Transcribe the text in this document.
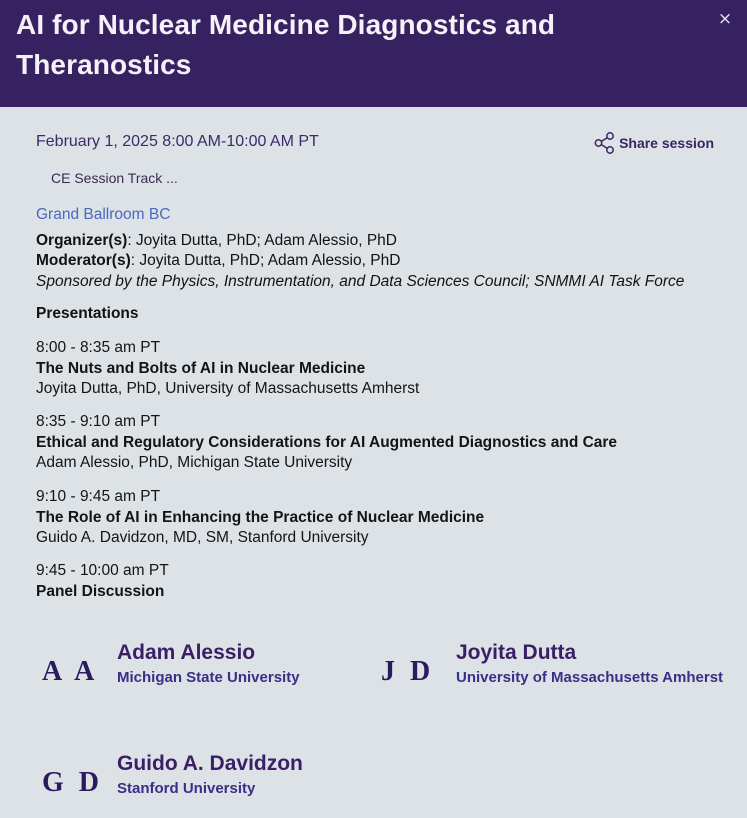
AI for Nuclear Medicine Diagnostics and Theranostics
×
February 1, 2025 8:00 AM-10:00 AM PT	Share session
CE Session Track ...
Grand Ballroom BC
Organizer(s): Joyita Dutta, PhD; Adam Alessio, PhD
Moderator(s): Joyita Dutta, PhD; Adam Alessio, PhD
Sponsored by the Physics, Instrumentation, and Data Sciences Council; SNMMI AI Task Force
Presentations
8:00 - 8:35 am PT
The Nuts and Bolts of AI in Nuclear Medicine
Joyita Dutta, PhD, University of Massachusetts Amherst
8:35 - 9:10 am PT
Ethical and Regulatory Considerations for AI Augmented Diagnostics and Care
Adam Alessio, PhD, Michigan State University
9:10 - 9:45 am PT
The Role of AI in Enhancing the Practice of Nuclear Medicine
Guido A. Davidzon, MD, SM, Stanford University
9:45 - 10:00 am PT
Panel Discussion
A A
Adam Alessio
Michigan State University	J D
Joyita Dutta
University of Massachusetts Amherst
G D
Guido A. Davidzon
Stanford University
